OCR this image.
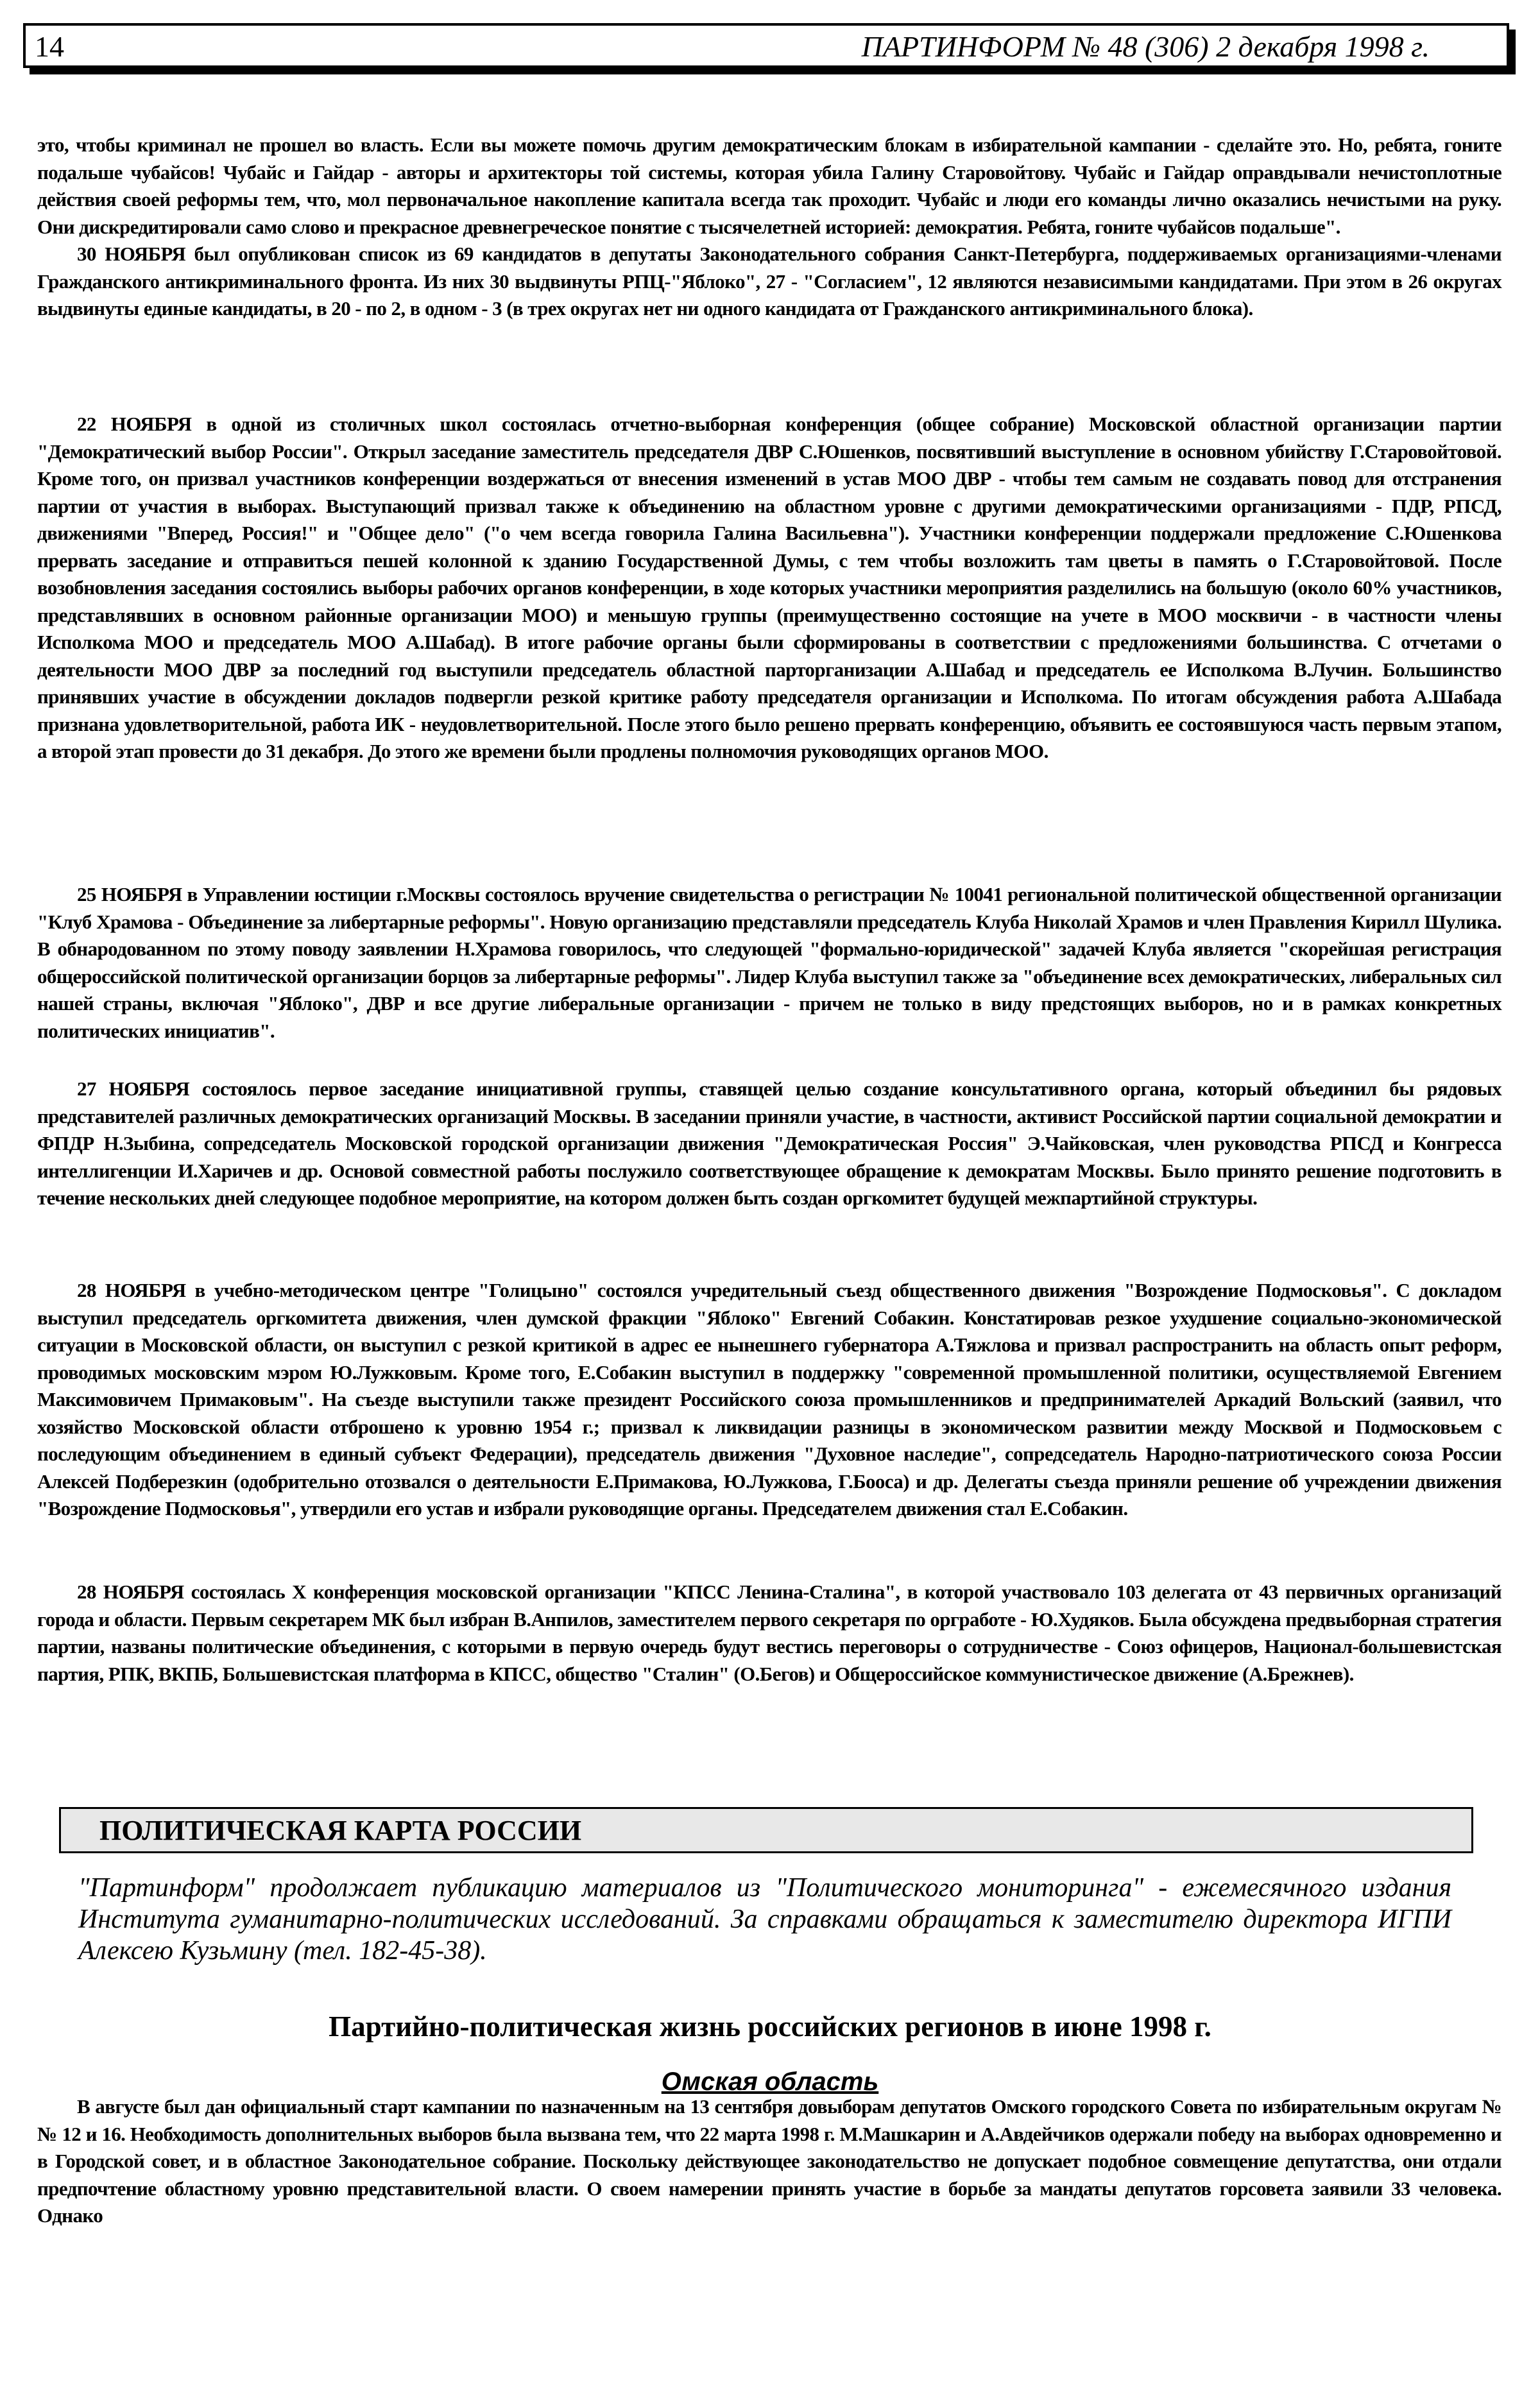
14	ПАРТИНФОРМ № 48 (306) 2 декабря 1998 г.

это, чтобы криминал не прошел во власть. Если вы можете помочь другим демократическим блокам в избирательной кампании - сделайте это. Но, ребята, гоните подальше чубайсов! Чубайс и Гайдар - авторы и архитекторы той системы, которая убила Галину Старовойтову. Чубайс и Гайдар оправдывали нечистоплотные действия своей реформы тем, что, мол первоначальное накопление капитала всегда так проходит. Чубайс и люди его команды лично оказались нечистыми на руку. Они дискредитировали само слово и прекрасное древнегреческое понятие с тысячелетней историей: демократия. Ребята, гоните чубайсов подальше".

30 НОЯБРЯ был опубликован список из 69 кандидатов в депутаты Законодательного собрания Санкт-Петербурга, поддерживаемых организациями-членами Гражданского антикриминального фронта. Из них 30 выдвинуты РПЦ-"Яблоко", 27 - "Согласием", 12 являются независимыми кандидатами. При этом в 26 округах выдвинуты единые кандидаты, в 20 - по 2, в одном - 3 (в трех округах нет ни одного кандидата от Гражданского антикриминального блока).

22 НОЯБРЯ в одной из столичных школ состоялась отчетно-выборная конференция (общее собрание) Московской областной организации партии "Демократический выбор России". Открыл заседание заместитель председателя ДВР С.Юшенков, посвятивший выступление в основном убийству Г.Старовойтовой. Кроме того, он призвал участников конференции воздержаться от внесения изменений в устав МОО ДВР - чтобы тем самым не создавать повод для отстранения партии от участия в выборах. Выступающий призвал также к объединению на областном уровне с другими демократическими организациями - ПДР, РПСД, движениями "Вперед, Россия!" и "Общее дело" ("о чем всегда говорила Галина Васильевна"). Участники конференции поддержали предложение С.Юшенкова прервать заседание и отправиться пешей колонной к зданию Государственной Думы, с тем чтобы возложить там цветы в память о Г.Старовойтовой. После возобновления заседания состоялись выборы рабочих органов конференции, в ходе которых участники мероприятия разделились на большую (около 60% участников, представлявших в основном районные организации МОО) и меньшую группы (преимущественно состоящие на учете в МОО москвичи - в частности члены Исполкома МОО и председатель МОО А.Шабад). В итоге рабочие органы были сформированы в соответствии с предложениями большинства. С отчетами о деятельности МОО ДВР за последний год выступили председатель областной парторганизации А.Шабад и председатель ее Исполкома В.Лучин. Большинство принявших участие в обсуждении докладов подвергли резкой критике работу председателя организации и Исполкома. По итогам обсуждения работа А.Шабада признана удовлетворительной, работа ИК - неудовлетворительной. После этого было решено прервать конференцию, объявить ее состоявшуюся часть первым этапом, а второй этап провести до 31 декабря. До этого же времени были продлены полномочия руководящих органов МОО.

25 НОЯБРЯ в Управлении юстиции г.Москвы состоялось вручение свидетельства о регистрации № 10041 региональной политической общественной организации "Клуб Храмова - Объединение за либертарные реформы". Новую организацию представляли председатель Клуба Николай Храмов и член Правления Кирилл Шулика. В обнародованном по этому поводу заявлении Н.Храмова говорилось, что следующей "формально-юридической" задачей Клуба является "скорейшая регистрация общероссийской политической организации борцов за либертарные реформы". Лидер Клуба выступил также за "объединение всех демократических, либеральных сил нашей страны, включая "Яблоко", ДВР и все другие либеральные организации - причем не только в виду предстоящих выборов, но и в рамках конкретных политических инициатив".

27 НОЯБРЯ состоялось первое заседание инициативной группы, ставящей целью создание консультативного органа, который объединил бы рядовых представителей различных демократических организаций Москвы. В заседании приняли участие, в частности, активист Российской партии социальной демократии и ФПДР Н.Зыбина, сопредседатель Московской городской организации движения "Демократическая Россия" Э.Чайковская, член руководства РПСД и Конгресса интеллигенции И.Харичев и др. Основой совместной работы послужило соответствующее обращение к демократам Москвы. Было принято решение подготовить в течение нескольких дней следующее подобное мероприятие, на котором должен быть создан оргкомитет будущей межпартийной структуры.

28 НОЯБРЯ в учебно-методическом центре "Голицыно" состоялся учредительный съезд общественного движения "Возрождение Подмосковья". С докладом выступил председатель оргкомитета движения, член думской фракции "Яблоко" Евгений Собакин. Констатировав резкое ухудшение социально-экономической ситуации в Московской области, он выступил с резкой критикой в адрес ее нынешнего губернатора А.Тяжлова и призвал распространить на область опыт реформ, проводимых московским мэром Ю.Лужковым. Кроме того, Е.Собакин выступил в поддержку "современной промышленной политики, осуществляемой Евгением Максимовичем Примаковым". На съезде выступили также президент Российского союза промышленников и предпринимателей Аркадий Вольский (заявил, что хозяйство Московской области отброшено к уровню 1954 г.; призвал к ликвидации разницы в экономическом развитии между Москвой и Подмосковьем с последующим объединением в единый субъект Федерации), председатель движения "Духовное наследие", сопредседатель Народно-патриотического союза России Алексей Подберезкин (одобрительно отозвался о деятельности Е.Примакова, Ю.Лужкова, Г.Бооса) и др. Делегаты съезда приняли решение об учреждении движения "Возрождение Подмосковья", утвердили его устав и избрали руководящие органы. Председателем движения стал Е.Собакин.

28 НОЯБРЯ состоялась X конференция московской организации "КПСС Ленина-Сталина", в которой участвовало 103 делегата от 43 первичных организаций города и области. Первым секретарем МК был избран В.Анпилов, заместителем первого секретаря по оргработе - Ю.Худяков. Была обсуждена предвыборная стратегия партии, названы политические объединения, с которыми в первую очередь будут вестись переговоры о сотрудничестве - Союз офицеров, Национал-большевистская партия, РПК, ВКПБ, Большевистская платформа в КПСС, общество "Сталин" (О.Бегов) и Общероссийское коммунистическое движение (А.Брежнев).

ПОЛИТИЧЕСКАЯ КАРТА РОССИИ

"Партинформ" продолжает публикацию материалов из "Политического мониторинга" - ежемесячного издания Института гуманитарно-политических исследований. За справками обращаться к заместителю директора ИГПИ Алексею Кузьмину (тел. 182-45-38).

Партийно-политическая жизнь российских регионов в июне 1998 г.

Омская область

В августе был дан официальный старт кампании по назначенным на 13 сентября довыборам депутатов Омского городского Совета по избирательным округам №№ 12 и 16. Необходимость дополнительных выборов была вызвана тем, что 22 марта 1998 г. М.Машкарин и А.Авдейчиков одержали победу на выборах одновременно и в Городской совет, и в областное Законодательное собрание. Поскольку действующее законодательство не допускает подобное совмещение депутатства, они отдали предпочтение областному уровню представительной власти. О своем намерении принять участие в борьбе за мандаты депутатов горсовета заявили 33 человека. Однако
